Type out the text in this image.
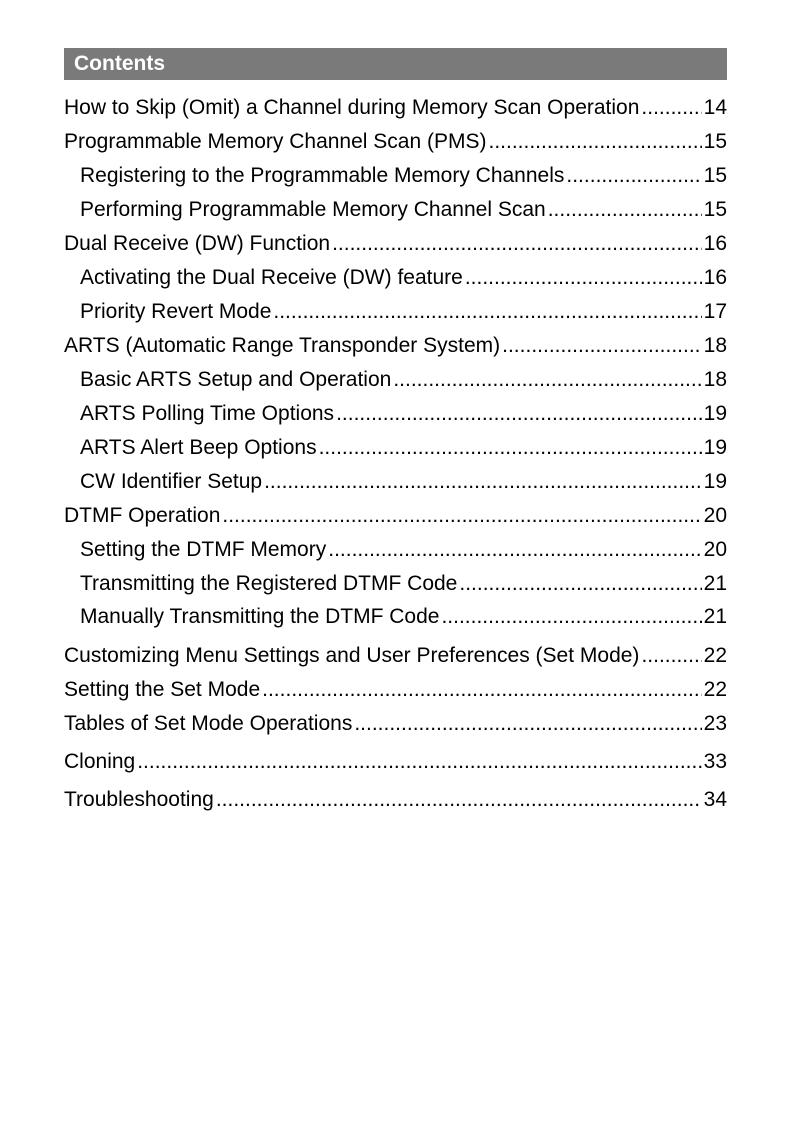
Contents
How to Skip (Omit) a Channel during Memory Scan Operation .....	14
Programmable Memory Channel Scan (PMS) .....	15
Registering to the Programmable Memory Channels .....	15
Performing Programmable Memory Channel Scan .....	15
Dual Receive (DW) Function .....	16
Activating the Dual Receive (DW) feature .....	16
Priority Revert Mode .....	17
ARTS (Automatic Range Transponder System) .....	18
Basic ARTS Setup and Operation .....	18
ARTS Polling Time Options .....	19
ARTS Alert Beep Options .....	19
CW Identifier Setup .....	19
DTMF Operation .....	20
Setting the DTMF Memory .....	20
Transmitting the Registered DTMF Code .....	21
Manually Transmitting the DTMF Code .....	21
Customizing Menu Settings and User Preferences (Set Mode) .....	22
Setting the Set Mode .....	22
Tables of Set Mode Operations .....	23
Cloning .....	33
Troubleshooting .....	34
